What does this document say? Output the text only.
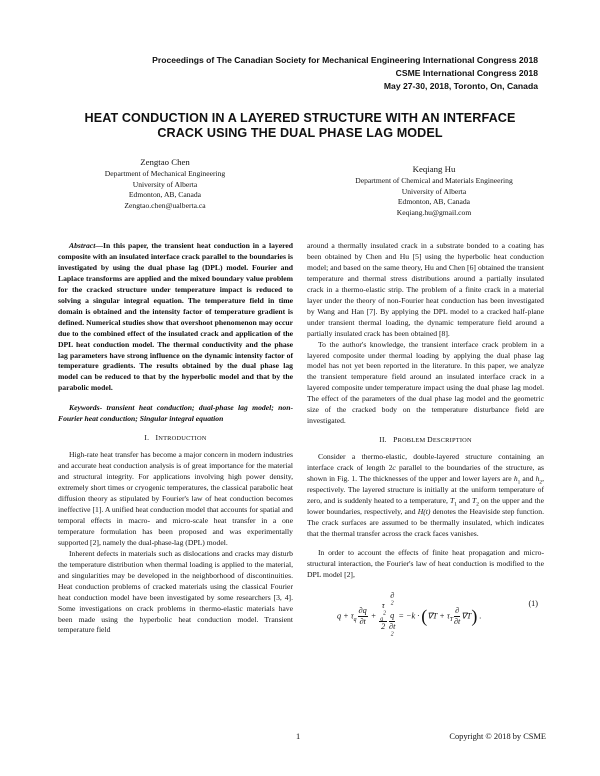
Proceedings of The Canadian Society for Mechanical Engineering International Congress 2018
CSME International Congress 2018
May 27-30, 2018, Toronto, On, Canada
HEAT CONDUCTION IN A LAYERED STRUCTURE WITH AN INTERFACE
CRACK USING THE DUAL PHASE LAG MODEL
Zengtao Chen
Department of Mechanical Engineering
University of Alberta
Edmonton, AB, Canada
Zengtao.chen@ualberta.ca
Keqiang Hu
Department of Chemical and Materials Engineering
University of Alberta
Edmonton, AB, Canada
Keqiang.hu@gmail.com

Abstract—In this paper, the transient heat conduction in a layered composite with an insulated interface crack parallel to the boundaries is investigated by using the dual phase lag (DPL) model. Fourier and Laplace transforms are applied and the mixed boundary value problem for the cracked structure under temperature impact is reduced to solving a singular integral equation. The temperature field in time domain is obtained and the intensity factor of temperature gradient is defined. Numerical studies show that overshoot phenomenon may occur due to the combined effect of the insulated crack and application of the DPL heat conduction model. The thermal conductivity and the phase lag parameters have strong influence on the dynamic intensity factor of temperature gradients. The results obtained by the dual phase lag model can be reduced to that by the hyperbolic model and that by the parabolic model.

Keywords- transient heat conduction; dual-phase lag model; non-Fourier heat conduction; Singular integral equation

I. INTRODUCTION

High-rate heat transfer has become a major concern in modern industries and accurate heat conduction analysis is of great importance for the material and structural integrity. For applications involving high power density, extremely short times or cryogenic temperatures, the classical parabolic heat diffusion theory as stipulated by Fourier's law of heat conduction becomes ineffective [1]. A unified heat conduction model that accounts for spatial and temporal effects in macro- and micro-scale heat transfer in a one temperature formulation has been proposed and was experimentally supported [2], namely the dual-phase-lag (DPL) model.

Inherent defects in materials such as dislocations and cracks may disturb the temperature distribution when thermal loading is applied to the material, and singularities may be developed in the neighborhood of discontinuities. Heat conduction problems of cracked materials using the classical Fourier heat conduction model have been investigated by some researchers [3, 4]. Some investigations on crack problems in thermo-elastic materials have been made using the hyperbolic heat conduction model. Transient temperature field

around a thermally insulated crack in a substrate bonded to a coating has been obtained by Chen and Hu [5] using the hyperbolic heat conduction model; and based on the same theory, Hu and Chen [6] obtained the transient temperature and thermal stress distributions around a partially insulated crack in a thermo-elastic strip. The problem of a finite crack in a material layer under the theory of non-Fourier heat conduction has been investigated by Wang and Han [7]. By applying the DPL model to a cracked half-plane under transient thermal loading, the dynamic temperature field around a partially insulated crack has been obtained [8].

To the author's knowledge, the transient interface crack problem in a layered composite under thermal loading by applying the dual phase lag model has not yet been reported in the literature. In this paper, we analyze the transient temperature field around an insulated interface crack in a layered composite under temperature impact using the dual phase lag model. The effect of the parameters of the dual phase lag model and the geometric size of the cracked body on the temperature disturbance field are investigated.

II. PROBLEM DESCRIPTION

Consider a thermo-elastic, double-layered structure containing an interface crack of length 2c parallel to the boundaries of the structure, as shown in Fig. 1. The thicknesses of the upper and lower layers are $h_1$ and $h_2$, respectively. The layered structure is initially at the uniform temperature of zero, and is suddenly heated to a temperature, $T_1$ and $T_2$ on the upper and the lower boundaries, respectively, and H(t) denotes the Heaviside step function. The crack surfaces are assumed to be thermally insulated, which indicates that the thermal transfer across the crack faces vanishes.

In order to account the effects of finite heat propagation and micro-structural interaction, the Fourier's law of heat conduction is modified to the DPL model [2],

$q + \tau_q \frac{\partial q}{\partial t} + \tau$
$_q^2$
2 ∂
$^2$
q
∂t
$^2 = -k \cdot (\nabla T + \tau_T \frac{\partial}{\partial t} \nabla T)$ .
(1)
1	Copyright © 2018 by CSME
